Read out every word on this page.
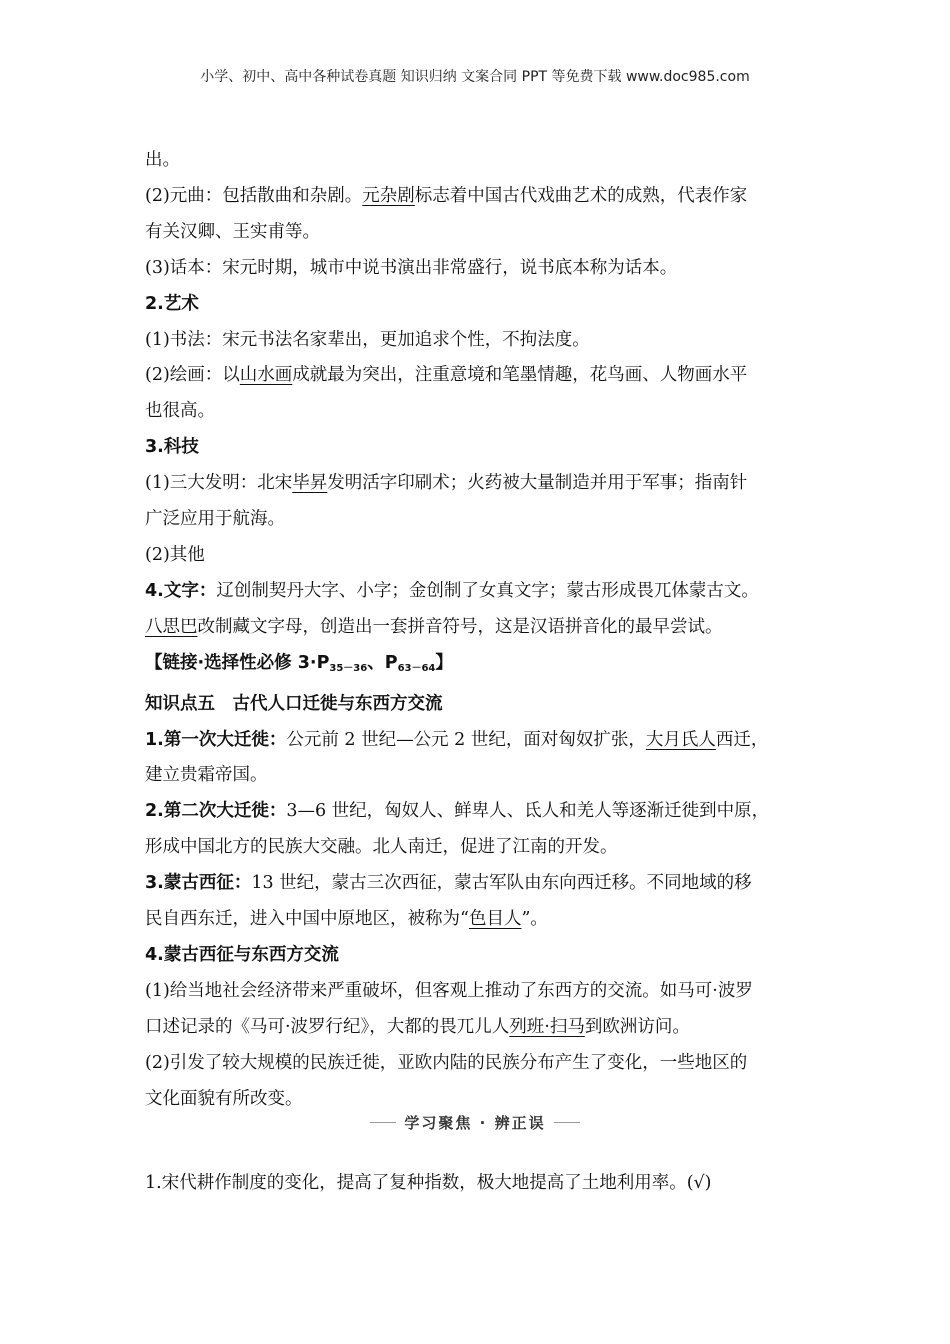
小学、初中、高中各种试卷真题 知识归纳 文案合同 PPT 等免费下载 www.doc985.com
出。
(2)元曲：包括散曲和杂剧。元杂剧标志着中国古代戏曲艺术的成熟，代表作家
有关汉卿、王实甫等。
(3)话本：宋元时期，城市中说书演出非常盛行，说书底本称为话本。
2.艺术
(1)书法：宋元书法名家辈出，更加追求个性，不拘法度。
(2)绘画：以山水画成就最为突出，注重意境和笔墨情趣，花鸟画、人物画水平
也很高。
3.科技
(1)三大发明：北宋毕昇发明活字印刷术；火药被大量制造并用于军事；指南针
广泛应用于航海。
(2)其他
4.文字：辽创制契丹大字、小字；金创制了女真文字；蒙古形成畏兀体蒙古文。
八思巴改制藏文字母，创造出一套拼音符号，这是汉语拼音化的最早尝试。
【链接·选择性必修 $3\cdot P_{35-36}$、$P_{63-64}$】
知识点五　古代人口迁徙与东西方交流
1.第一次大迁徙：公元前 2 世纪—公元 2 世纪，面对匈奴扩张，大月氏人西迁，
建立贵霜帝国。
2.第二次大迁徙：3—6 世纪，匈奴人、鲜卑人、氐人和羌人等逐渐迁徙到中原，
形成中国北方的民族大交融。北人南迁，促进了江南的开发。
3.蒙古西征：13 世纪，蒙古三次西征，蒙古军队由东向西迁移。不同地域的移
民自西东迁，进入中国中原地区，被称为“色目人”。
4.蒙古西征与东西方交流
(1)给当地社会经济带来严重破坏，但客观上推动了东西方的交流。如马可·波罗
口述记录的《马可·波罗行纪》，大都的畏兀儿人列班·扫马到欧洲访问。
(2)引发了较大规模的民族迁徙，亚欧内陆的民族分布产生了变化，一些地区的
文化面貌有所改变。
学习聚焦 · 辨正误
1.宋代耕作制度的变化，提高了复种指数，极大地提高了土地利用率。(√)
